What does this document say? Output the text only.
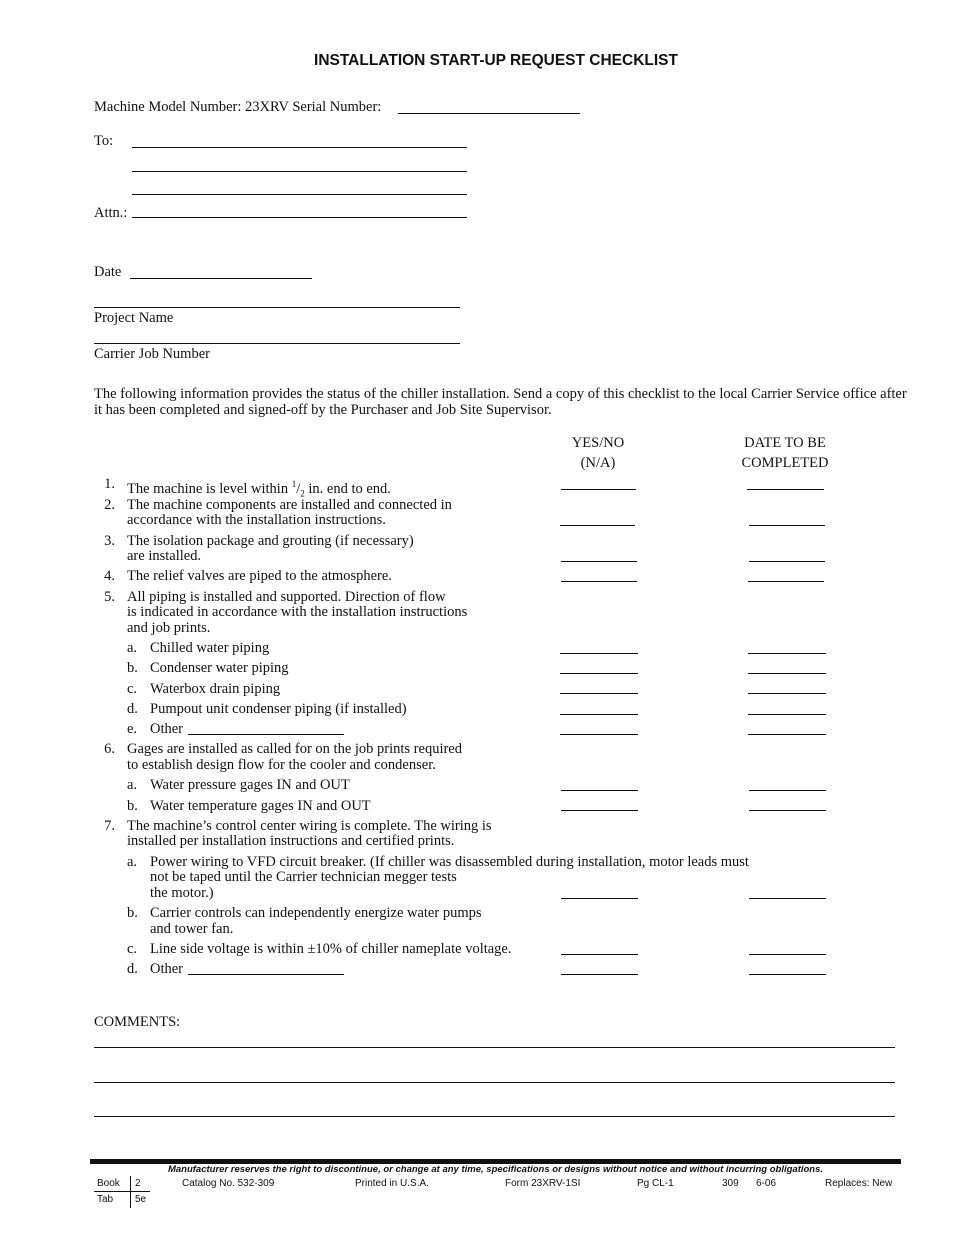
INSTALLATION START-UP REQUEST CHECKLIST
Machine Model Number: 23XRV Serial Number:
To:
Attn.:
Date
Project Name
Carrier Job Number
The following information provides the status of the chiller installation. Send a copy of this checklist to the local Carrier Service office after it has been completed and signed-off by the Purchaser and Job Site Supervisor.
YES/NO
(N/A)
DATE TO BE
COMPLETED
1. The machine is level within $^1/_2$ in. end to end.
2. The machine components are installed and connected in
accordance with the installation instructions.
3. The isolation package and grouting (if necessary)
are installed.
4. The relief valves are piped to the atmosphere.
5. All piping is installed and supported. Direction of flow
is indicated in accordance with the installation instructions
and job prints.
a. Chilled water piping
b. Condenser water piping
c. Waterbox drain piping
d. Pumpout unit condenser piping (if installed)
e. Other
6. Gages are installed as called for on the job prints required
to establish design flow for the cooler and condenser.
a. Water pressure gages IN and OUT
b. Water temperature gages IN and OUT
7. The machine’s control center wiring is complete. The wiring is
installed per installation instructions and certified prints.
a. Power wiring to VFD circuit breaker. (If chiller was disassembled during installation, motor leads must
not be taped until the Carrier technician megger tests
the motor.)
b. Carrier controls can independently energize water pumps
and tower fan.
c. Line side voltage is within ±10% of chiller nameplate voltage.
d. Other
COMMENTS:
Manufacturer reserves the right to discontinue, or change at any time, specifications or designs without notice and without incurring obligations.
Book 2
Tab 5e
Catalog No. 532-309	Printed in U.S.A.	Form 23XRV-1SI	Pg CL-1	309 6-06	Replaces: New
